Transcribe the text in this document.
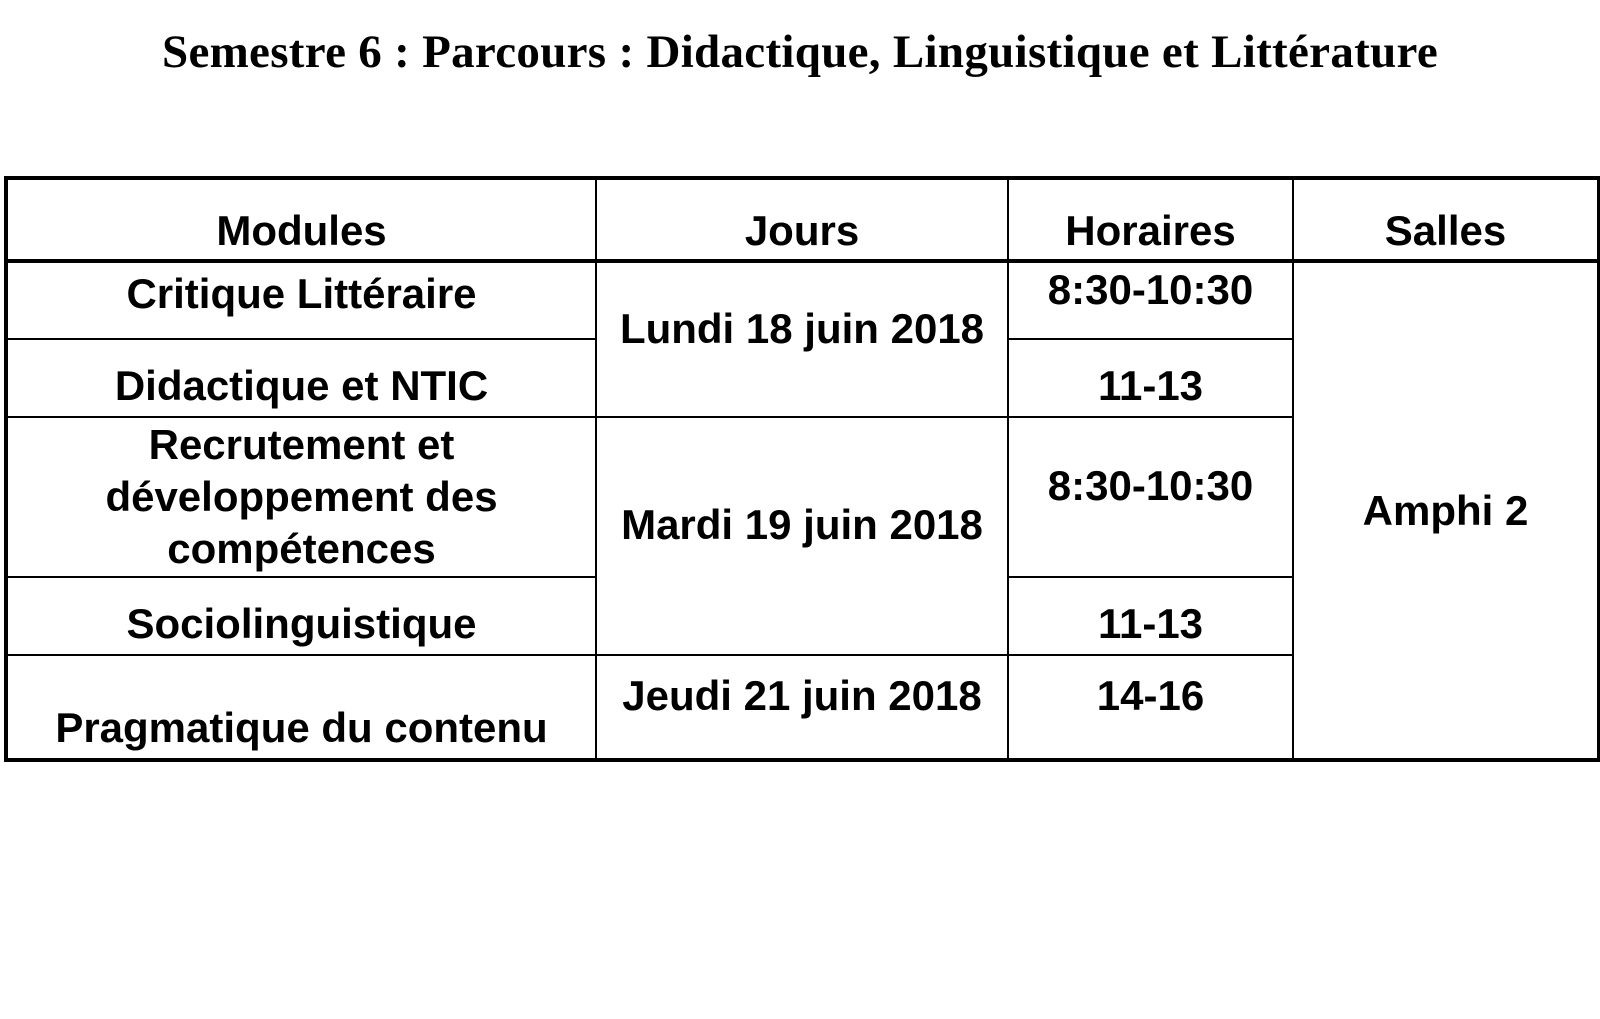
Semestre 6 : Parcours : Didactique, Linguistique et Littérature
Modules	Jours	Horaires	Salles
Critique Littéraire	Lundi 18 juin 2018	8:30-10:30	Amphi 2
Didactique et NTIC		11-13	
Recrutement et développement des compétences	Mardi 19 juin 2018	8:30-10:30	
Sociolinguistique		11-13	
Pragmatique du contenu	Jeudi 21 juin 2018	14-16	
